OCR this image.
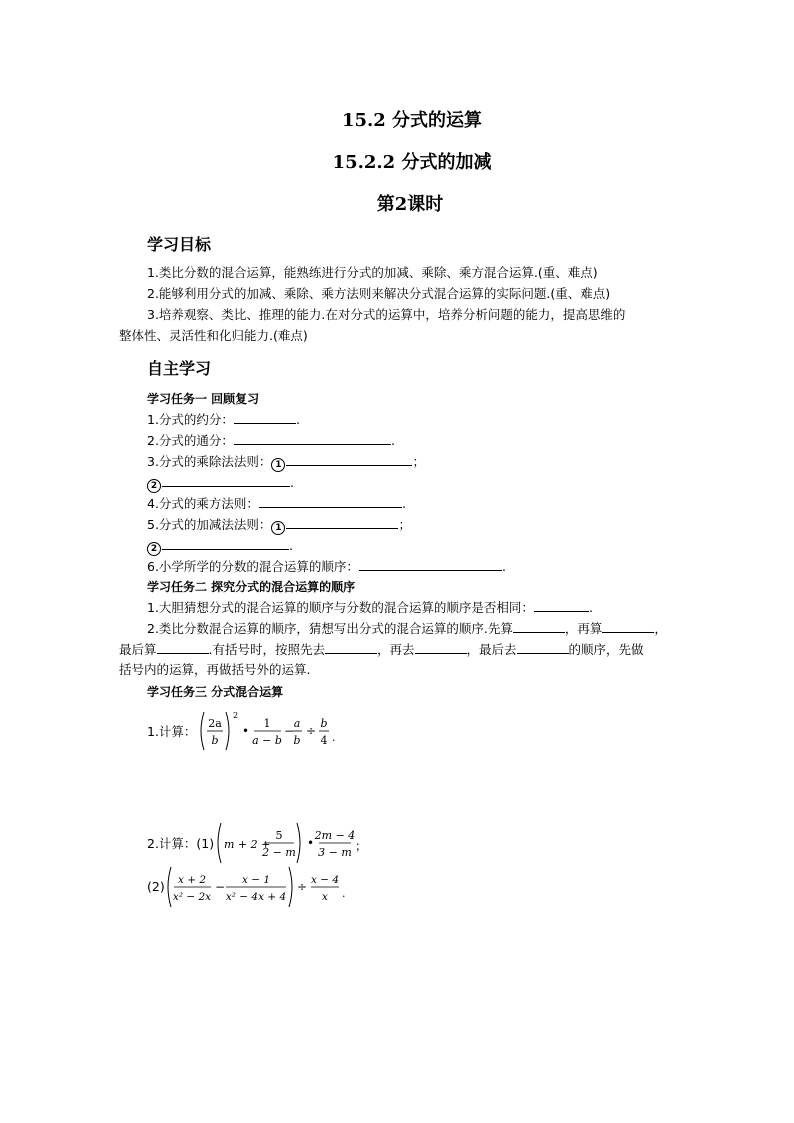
15.2 分式的运算
15.2.2 分式的加减
第2课时
学习目标
1.类比分数的混合运算，能熟练进行分式的加减、乘除、乘方混合运算.(重、难点)
2.能够利用分式的加减、乘除、乘方法则来解决分式混合运算的实际问题.(重、难点)
3.培养观察、类比、推理的能力.在对分式的运算中，培养分析问题的能力，提高思维的
整体性、灵活性和化归能力.(难点)
自主学习
学习任务一 回顾复习
1.分式的约分：	.
2.分式的通分：	.
3.分式的乘除法法则： 1	；
2	.
4.分式的乘方法则：	.
5.分式的加减法法则： 1	；
2	.
6.小学所学的分数的混合运算的顺序：	.
学习任务二 探究分式的混合运算的顺序
1.大胆猜想分式的混合运算的顺序与分数的混合运算的顺序是否相同：	.
2.类比分数混合运算的顺序，猜想写出分式的混合运算的顺序.先算	，再算	，
最后算	.有括号时，按照先去	，再去	，最后去	的顺序，先做
括号内的运算，再做括号外的运算.
学习任务三 分式混合运算
1.计算：
2a
b
2
•
1
a − b
−
a
b
÷
b
4 .
2.计算：(1) m + 2 +
5
2 − m
•
2m − 4
3 − m ；
(2) x + 2
x² − 2x
− x − 1
x² − 4x + 4
÷ x − 4
x .
